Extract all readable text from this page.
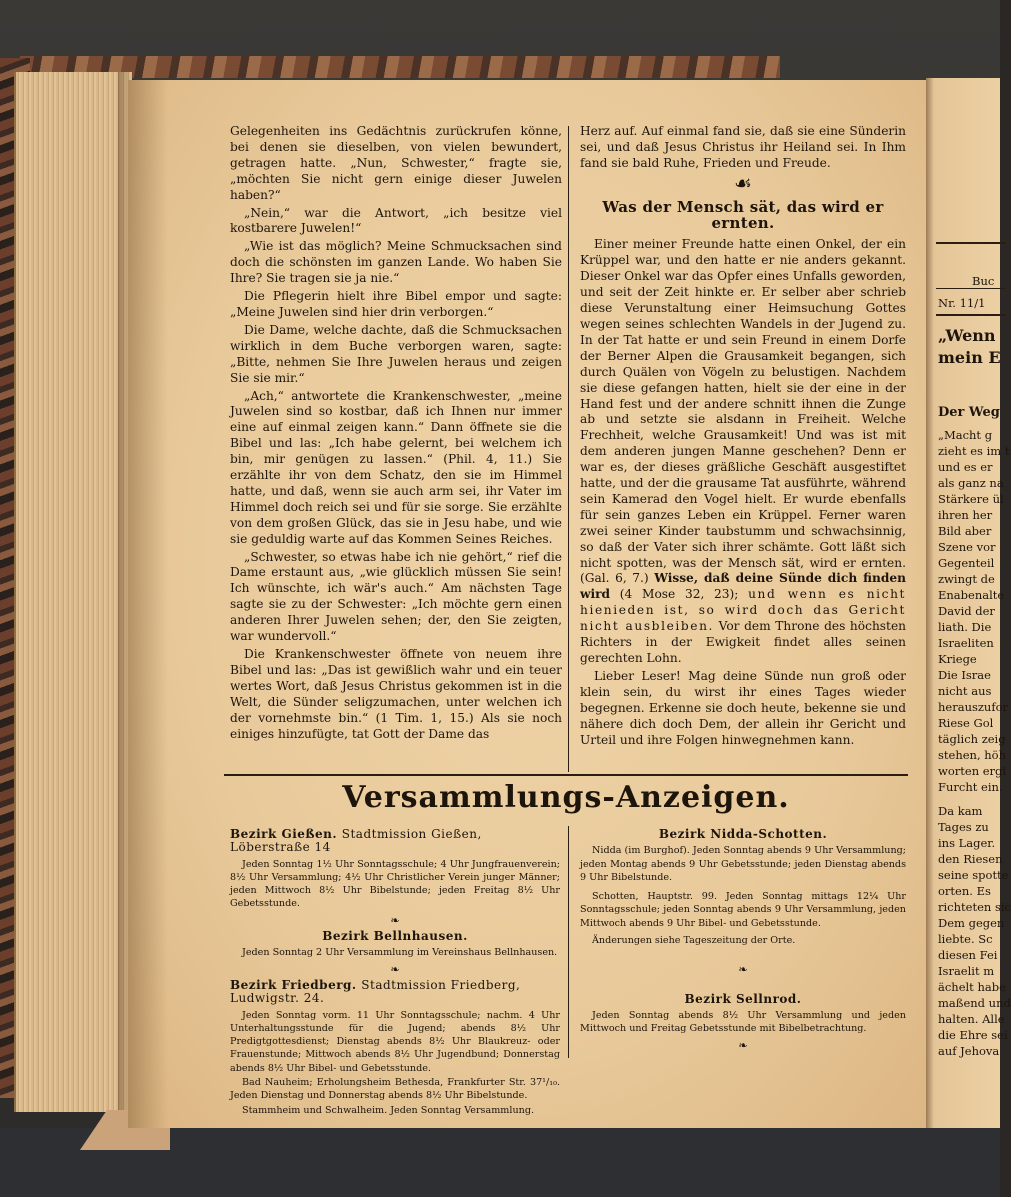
Gelegenheiten ins Gedächtnis zurückrufen könne, bei denen sie dieselben, von vielen bewundert, getragen hatte. „Nun, Schwester,“ fragte sie, „möchten Sie nicht gern einige dieser Juwelen haben?“

„Nein,“ war die Antwort, „ich besitze viel kostbarere Juwelen!“

„Wie ist das möglich? Meine Schmucksachen sind doch die schönsten im ganzen Lande. Wo haben Sie Ihre? Sie tragen sie ja nie.“

Die Pflegerin hielt ihre Bibel empor und sagte: „Meine Juwelen sind hier drin verborgen.“

Die Dame, welche dachte, daß die Schmucksachen wirklich in dem Buche verborgen waren, sagte: „Bitte, nehmen Sie Ihre Juwelen heraus und zeigen Sie sie mir.“

„Ach,“ antwortete die Krankenschwester, „meine Juwelen sind so kostbar, daß ich Ihnen nur immer eine auf einmal zeigen kann.“ Dann öffnete sie die Bibel und las: „Ich habe gelernt, bei welchem ich bin, mir genügen zu lassen.“ (Phil. 4, 11.) Sie erzählte ihr von dem Schatz, den sie im Himmel hatte, und daß, wenn sie auch arm sei, ihr Vater im Himmel doch reich sei und für sie sorge. Sie erzählte von dem großen Glück, das sie in Jesu habe, und wie sie geduldig warte auf das Kommen Seines Reiches.

„Schwester, so etwas habe ich nie gehört,“ rief die Dame erstaunt aus, „wie glücklich müssen Sie sein! Ich wünschte, ich wär's auch.“ Am nächsten Tage sagte sie zu der Schwester: „Ich möchte gern einen anderen Ihrer Juwelen sehen; der, den Sie zeigten, war wundervoll.“

Die Krankenschwester öffnete von neuem ihre Bibel und las: „Das ist gewißlich wahr und ein teuer wertes Wort, daß Jesus Christus gekommen ist in die Welt, die Sünder seligzumachen, unter welchen ich der vornehmste bin.“ (1 Tim. 1, 15.) Als sie noch einiges hinzufügte, tat Gott der Dame das

Herz auf. Auf einmal fand sie, daß sie eine Sünderin sei, und daß Jesus Christus ihr Heiland sei. In Ihm fand sie bald Ruhe, Frieden und Freude.

☙
Was der Mensch sät, das wird er ernten.

Einer meiner Freunde hatte einen Onkel, der ein Krüppel war, und den hatte er nie anders gekannt. Dieser Onkel war das Opfer eines Unfalls geworden, und seit der Zeit hinkte er. Er selber aber schrieb diese Verunstaltung einer Heimsuchung Gottes wegen seines schlechten Wandels in der Jugend zu. In der Tat hatte er und sein Freund in einem Dorfe der Berner Alpen die Grausamkeit begangen, sich durch Quälen von Vögeln zu belustigen. Nachdem sie diese gefangen hatten, hielt sie der eine in der Hand fest und der andere schnitt ihnen die Zunge ab und setzte sie alsdann in Freiheit. Welche Frechheit, welche Grausamkeit! Und was ist mit dem anderen jungen Manne geschehen? Denn er war es, der dieses gräßliche Geschäft ausgestiftet hatte, und der die grausame Tat ausführte, während sein Kamerad den Vogel hielt. Er wurde ebenfalls für sein ganzes Leben ein Krüppel. Ferner waren zwei seiner Kinder taubstumm und schwachsinnig, so daß der Vater sich ihrer schämte. Gott läßt sich nicht spotten, was der Mensch sät, wird er ernten. (Gal. 6, 7.) Wisse, daß deine Sünde dich finden wird (4 Mose 32, 23); und wenn es nicht hienieden ist, so wird doch das Gericht nicht ausbleiben. Vor dem Throne des höchsten Richters in der Ewigkeit findet alles seinen gerechten Lohn.

Lieber Leser! Mag deine Sünde nun groß oder klein sein, du wirst ihr eines Tages wieder begegnen. Erkenne sie doch heute, bekenne sie und nähere dich doch Dem, der allein ihr Gericht und Urteil und ihre Folgen hinwegnehmen kann.

Versammlungs-Anzeigen.
Bezirk Gießen. Stadtmission Gießen, Löberstraße 14

Jeden Sonntag 1½ Uhr Sonntagsschule; 4 Uhr Jungfrauenverein; 8½ Uhr Versammlung; 4½ Uhr Christlicher Verein junger Männer; jeden Mittwoch 8½ Uhr Bibelstunde; jeden Freitag 8½ Uhr Gebetsstunde.

❧
Bezirk Bellnhausen.

Jeden Sonntag 2 Uhr Versammlung im Vereinshaus Bellnhausen.

❧
Bezirk Friedberg. Stadtmission Friedberg, Ludwigstr. 24.

Jeden Sonntag vorm. 11 Uhr Sonntagsschule; nachm. 4 Uhr Unterhaltungsstunde für die Jugend; abends 8½ Uhr Predigtgottesdienst; Dienstag abends 8½ Uhr Blaukreuz- oder Frauenstunde; Mittwoch abends 8½ Uhr Jugendbund; Donnerstag abends 8½ Uhr Bibel- und Gebetsstunde.

Bad Nauheim; Erholungsheim Bethesda, Frankfurter Str. 37¹/₁₀. Jeden Dienstag und Donnerstag abends 8½ Uhr Bibelstunde.

Stammheim und Schwalheim. Jeden Sonntag Versammlung.

Bezirk Nidda-Schotten.

Nidda (im Burghof). Jeden Sonntag abends 9 Uhr Versammlung; jeden Montag abends 9 Uhr Gebetsstunde; jeden Dienstag abends 9 Uhr Bibelstunde.

Schotten, Hauptstr. 99. Jeden Sonntag mittags 12¼ Uhr Sonntagsschule; jeden Sonntag abends 9 Uhr Versammlung, jeden Mittwoch abends 9 Uhr Bibel- und Gebetsstunde.

Änderungen siehe Tageszeitung der Orte.

❧
Bezirk Sellnrod.

Jeden Sonntag abends 8½ Uhr Versammlung und jeden Mittwoch und Freitag Gebetsstunde mit Bibelbetrachtung.

❧
Buc
Nr. 11/1
„Wenn
mein E
Der Weg
„Macht g
zieht es im t
und es er
als ganz na
Stärkere ül
ihren her
Bild aber
Szene vor
Gegenteil
zwingt de
Enabenalte
David der
liath. Die
Israeliten
Kriege
Die Israe
nicht aus
herauszufor
Riese Gol
täglich zeig
stehen, höh
worten ergi
Furcht ein.
Da kam
Tages zu
ins Lager.
den Riesen
seine spotte
orten. Es
richteten sic
Dem gegen
liebte. Sc
diesen Fei
Israelit m
ächelt habe
maßend und
halten. Alle
die Ehre sei
auf Jehova
